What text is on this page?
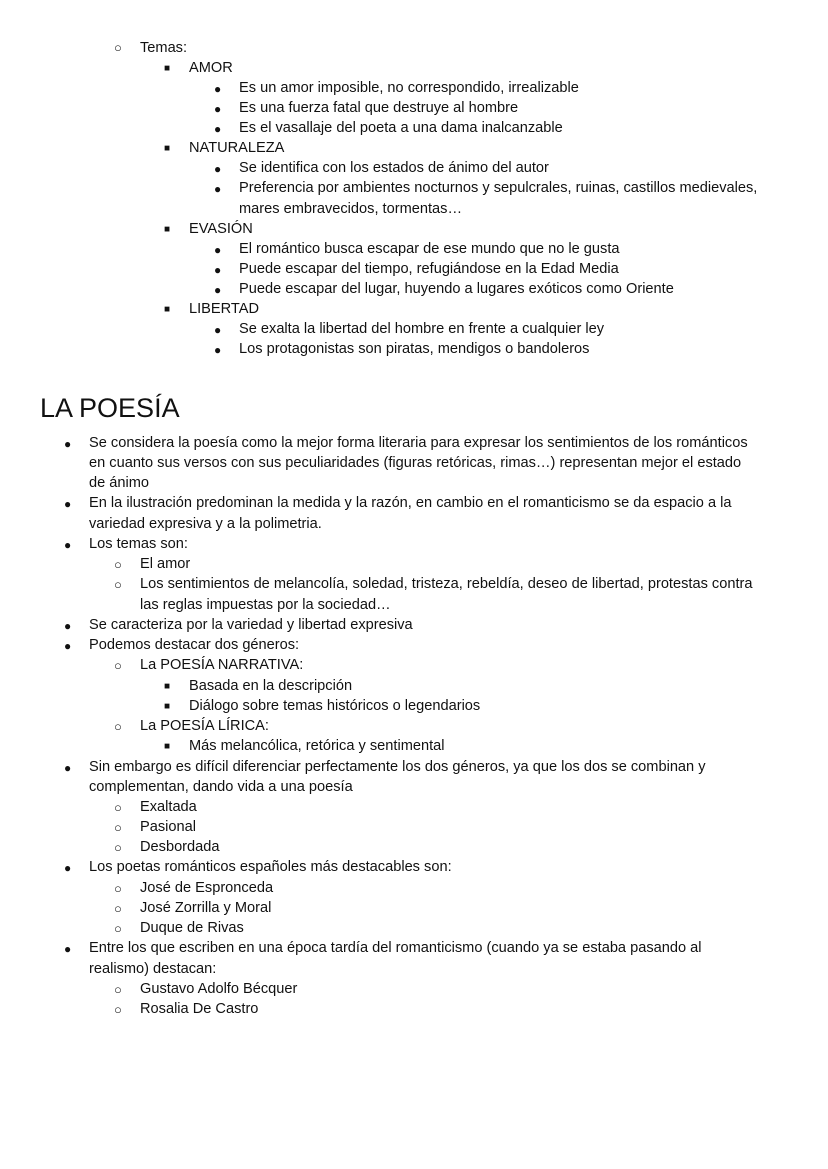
○ Temas:
■ AMOR
● Es un amor imposible, no correspondido, irrealizable
● Es una fuerza fatal que destruye al hombre
● Es el vasallaje del poeta a una dama inalcanzable
■ NATURALEZA
● Se identifica con los estados de ánimo del autor
● Preferencia por ambientes nocturnos y sepulcrales, ruinas, castillos medievales,
mares embravecidos, tormentas…
■ EVASIÓN
● El romántico busca escapar de ese mundo que no le gusta
● Puede escapar del tiempo, refugiándose en la Edad Media
● Puede escapar del lugar, huyendo a lugares exóticos como Oriente
■ LIBERTAD
● Se exalta la libertad del hombre en frente a cualquier ley
● Los protagonistas son piratas, mendigos o bandoleros
LA POESÍA
● Se considera la poesía como la mejor forma literaria para expresar los sentimientos de los románticos
en cuanto sus versos con sus peculiaridades (figuras retóricas, rimas…) representan mejor el estado
de ánimo
● En la ilustración predominan la medida y la razón, en cambio en el romanticismo se da espacio a la
variedad expresiva y a la polimetria.
● Los temas son:
○ El amor
○ Los sentimientos de melancolía, soledad, tristeza, rebeldía, deseo de libertad, protestas contra
las reglas impuestas por la sociedad…
● Se caracteriza por la variedad y libertad expresiva
● Podemos destacar dos géneros:
○ La POESÍA NARRATIVA:
■ Basada en la descripción
■ Diálogo sobre temas históricos o legendarios
○ La POESÍA LÍRICA:
■ Más melancólica, retórica y sentimental
● Sin embargo es difícil diferenciar perfectamente los dos géneros, ya que los dos se combinan y
complementan, dando vida a una poesía
○ Exaltada
○ Pasional
○ Desbordada
● Los poetas románticos españoles más destacables son:
○ José de Espronceda
○ José Zorrilla y Moral
○ Duque de Rivas
● Entre los que escriben en una época tardía del romanticismo (cuando ya se estaba pasando al
realismo) destacan:
○ Gustavo Adolfo Bécquer
○ Rosalia De Castro
